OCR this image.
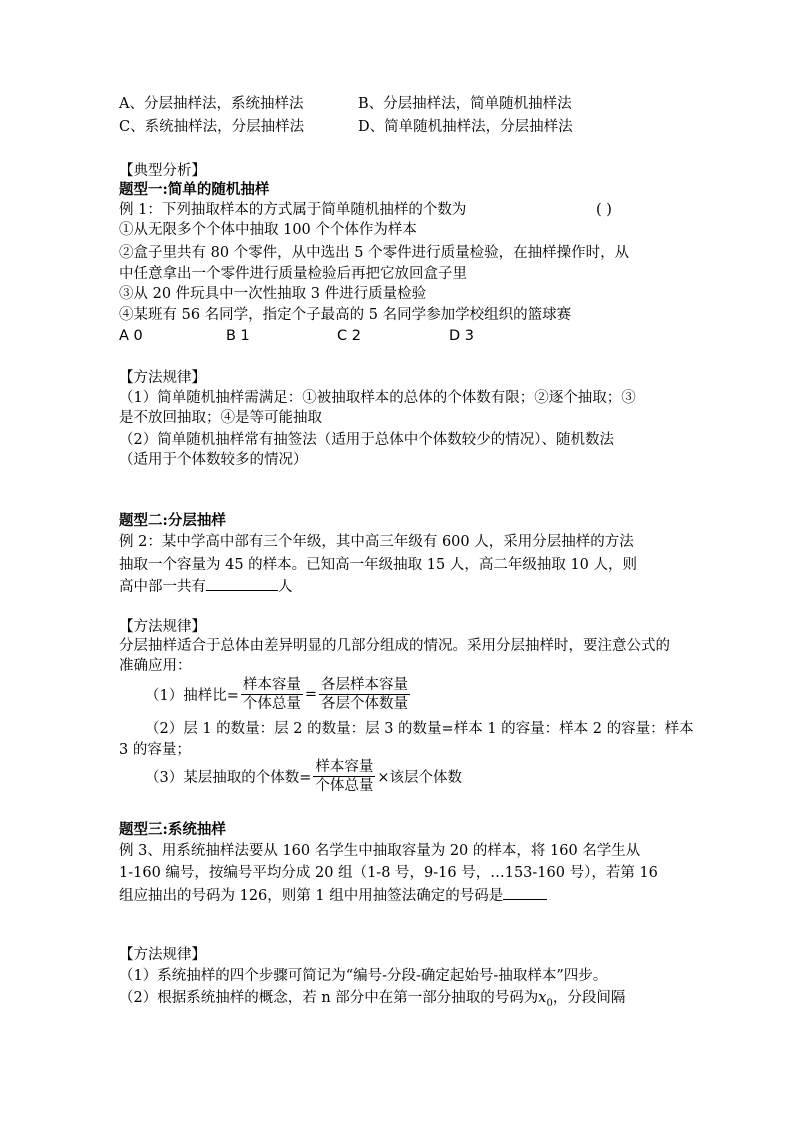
A、分层抽样法，系统抽样法	B、分层抽样法，简单随机抽样法
C、系统抽样法，分层抽样法	D、简单随机抽样法，分层抽样法
【典型分析】
题型一:简单的随机抽样
例 1：下列抽取样本的方式属于简单随机抽样的个数为	( )
①从无限多个个体中抽取 100 个个体作为样本
②盒子里共有 80 个零件，从中选出 5 个零件进行质量检验，在抽样操作时，从
中任意拿出一个零件进行质量检验后再把它放回盒子里
③从 20 件玩具中一次性抽取 3 件进行质量检验
④某班有 56 名同学，指定个子最高的 5 名同学参加学校组织的篮球赛
A 0	B 1	C 2	D 3
【方法规律】
（1）简单随机抽样需满足：①被抽取样本的总体的个体数有限；②逐个抽取；③
是不放回抽取；④是等可能抽取
（2）简单随机抽样常有抽签法（适用于总体中个体数较少的情况）、随机数法
（适用于个体数较多的情况）
题型二:分层抽样
例 2：某中学高中部有三个年级，其中高三年级有 600 人，采用分层抽样的方法
抽取一个容量为 45 的样本。已知高一年级抽取 15 人，高二年级抽取 10 人，则
高中部一共有	人
【方法规律】
分层抽样适合于总体由差异明显的几部分组成的情况。采用分层抽样时，要注意公式的
准确应用：
（1）抽样比= $\frac{\text{样本容量}}{\text{个体总量}} = \frac{\text{各层样本容量}}{\text{各层个体数量}}$
（2）层 1 的数量：层 2 的数量：层 3 的数量=样本 1 的容量：样本 2 的容量：样本
3 的容量；
（3）某层抽取的个体数= $\frac{\text{样本容量}}{\text{个体总量}}$ ×该层个体数
题型三:系统抽样
例 3、用系统抽样法要从 160 名学生中抽取容量为 20 的样本，将 160 名学生从
1-160 编号，按编号平均分成 20 组（1-8 号，9-16 号，…153-160 号），若第 16
组应抽出的号码为 126，则第 1 组中用抽签法确定的号码是
【方法规律】
（1）系统抽样的四个步骤可简记为“编号-分段-确定起始号-抽取样本”四步。
（2）根据系统抽样的概念，若 n 部分中在第一部分抽取的号码为$x_0$，分段间隔
